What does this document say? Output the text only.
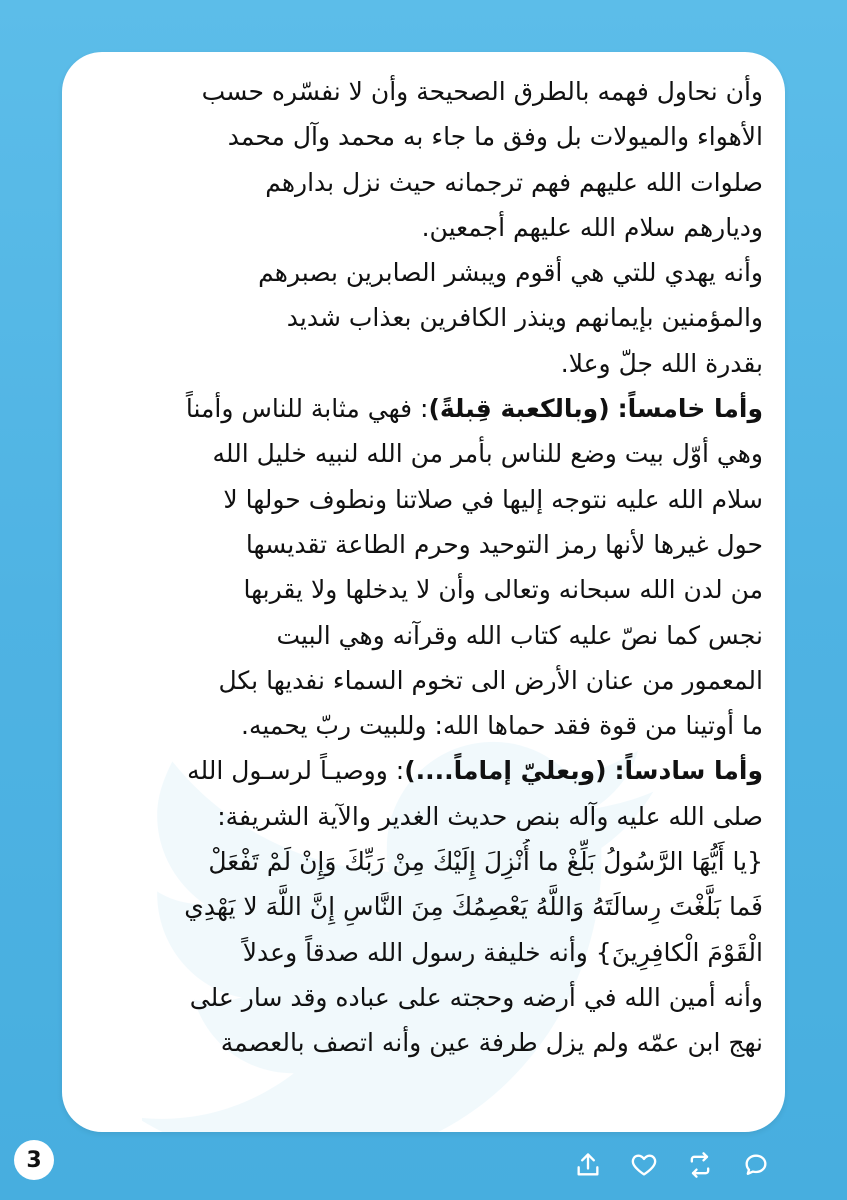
وأن نحاول فهمه بالطرق الصحيحة وأن لا نفسّره حسب
الأهواء والميولات بل وفق ما جاء به محمد وآل محمد
صلوات الله عليهم فهم ترجمانه حيث نزل بدارهم
وديارهم سلام الله عليهم أجمعين.
وأنه يهدي للتي هي أقوم ويبشر الصابرين بصبرهم
والمؤمنين بإيمانهم وينذر الكافرين بعذاب شديد
بقدرة الله جلّ وعلا.
وأما خامساً: (وبالكعبة قِبلةً): فهي مثابة للناس وأمناً
وهي أوّل بيت وضع للناس بأمر من الله لنبيه خليل الله
سلام الله عليه نتوجه إليها في صلاتنا ونطوف حولها لا
حول غيرها لأنها رمز التوحيد وحرم الطاعة تقديسها
من لدن الله سبحانه وتعالى وأن لا يدخلها ولا يقربها
نجس كما نصّ عليه كتاب الله وقرآنه وهي البيت
المعمور من عنان الأرض الى تخوم السماء نفديها بكل
ما أوتينا من قوة فقد حماها الله: وللبيت ربّ يحميه.
وأما سادساً: (وبعليّ إماماً....): ووصيـاً لرسـول الله
صلى الله عليه وآله بنص حديث الغدير والآية الشريفة:
{يا أَيُّهَا الرَّسُولُ بَلِّغْ ما أُنْزِلَ إِلَيْكَ مِنْ رَبِّكَ وَإِنْ لَمْ تَفْعَلْ
فَما بَلَّغْتَ رِسالَتَهُ وَاللَّهُ يَعْصِمُكَ مِنَ النَّاسِ إِنَّ اللَّهَ لا يَهْدِي
الْقَوْمَ الْكافِرِينَ} وأنه خليفة رسول الله صدقاً وعدلاً
وأنه أمين الله في أرضه وحجته على عباده وقد سار على
نهج ابن عمّه ولم يزل طرفة عين وأنه اتصف بالعصمة
3
